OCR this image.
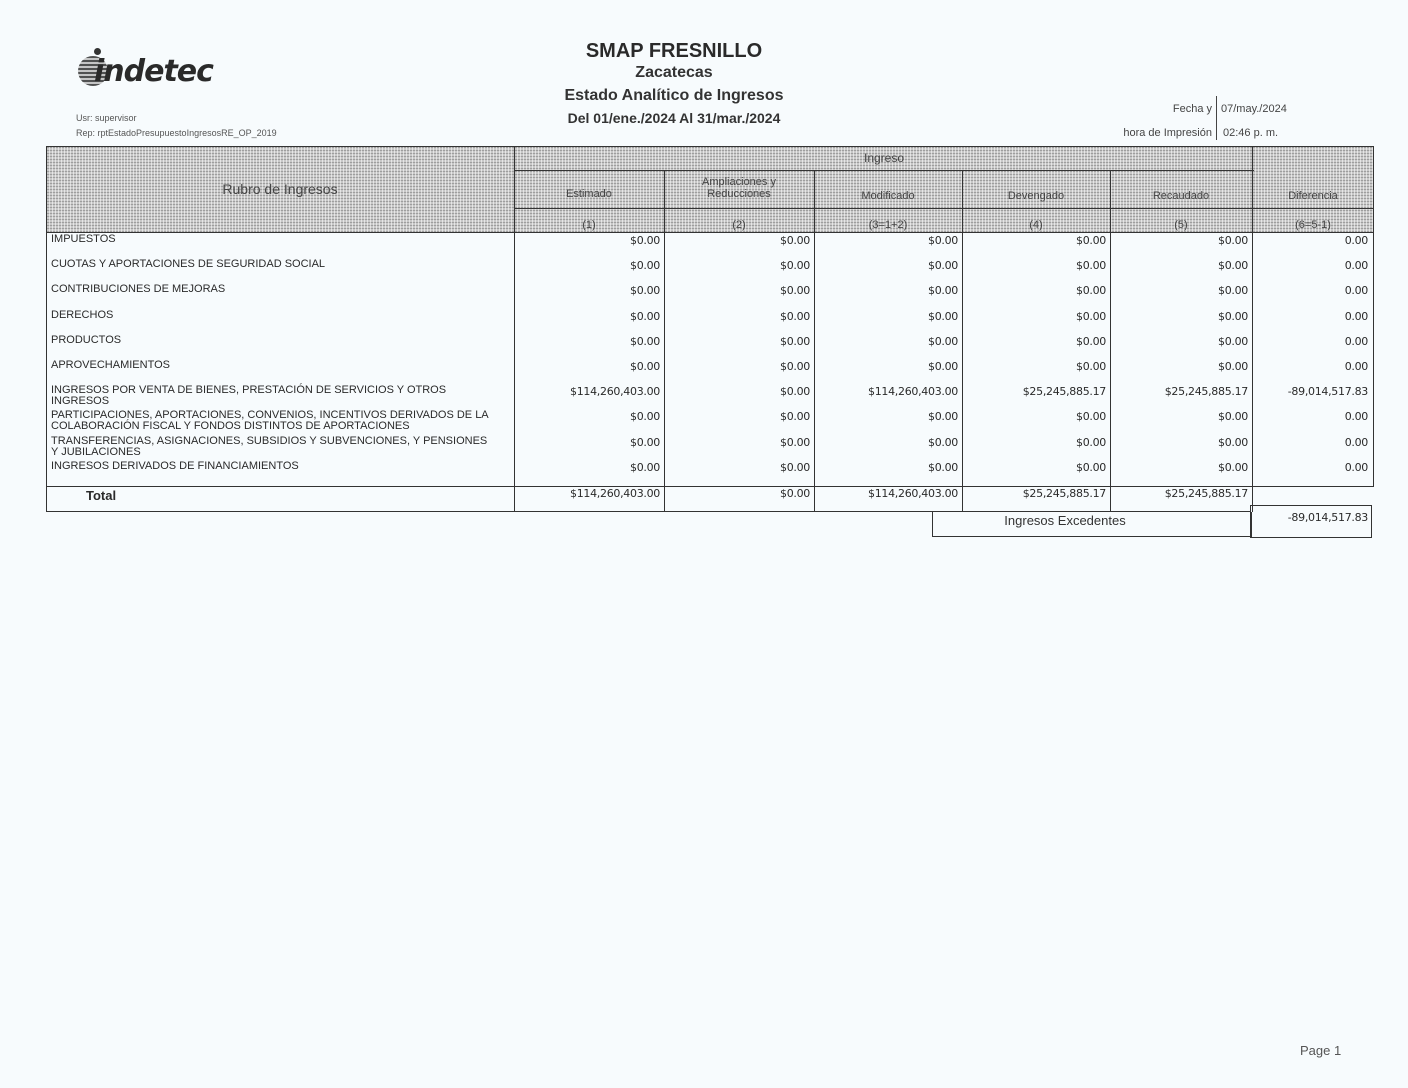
indetec
Usr: supervisor
Rep: rptEstadoPresupuestoIngresosRE_OP_2019
SMAP FRESNILLO
Zacatecas
Estado Analítico de Ingresos
Del 01/ene./2024 Al 31/mar./2024
Fecha y 07/may./2024
hora de Impresión 02:46 p. m.
Rubro de Ingresos
Ingreso
Estimado
Ampliaciones y Reducciones	Modificado	Devengado	Recaudado	Diferencia
(1)	(2)	(3=1+2)	(4)	(5)	(6=5-1)
IMPUESTOS	$0.00	$0.00	$0.00	$0.00	$0.00	0.00
CUOTAS Y APORTACIONES DE SEGURIDAD SOCIAL	$0.00	$0.00	$0.00	$0.00	$0.00	0.00
CONTRIBUCIONES DE MEJORAS	$0.00	$0.00	$0.00	$0.00	$0.00	0.00
DERECHOS	$0.00	$0.00	$0.00	$0.00	$0.00	0.00
PRODUCTOS	$0.00	$0.00	$0.00	$0.00	$0.00	0.00
APROVECHAMIENTOS	$0.00	$0.00	$0.00	$0.00	$0.00	0.00
INGRESOS POR VENTA DE BIENES, PRESTACIÓN DE SERVICIOS Y OTROS INGRESOS
$114,260,403.00	$0.00	$114,260,403.00	$25,245,885.17	$25,245,885.17	-89,014,517.83
PARTICIPACIONES, APORTACIONES, CONVENIOS, INCENTIVOS DERIVADOS DE LA COLABORACIÓN FISCAL Y FONDOS DISTINTOS DE APORTACIONES
$0.00	$0.00	$0.00	$0.00	$0.00	0.00
TRANSFERENCIAS, ASIGNACIONES, SUBSIDIOS Y SUBVENCIONES, Y PENSIONES Y JUBILACIONES
$0.00	$0.00	$0.00	$0.00	$0.00	0.00
INGRESOS DERIVADOS DE FINANCIAMIENTOS	$0.00	$0.00	$0.00	$0.00	$0.00	0.00
Total	$114,260,403.00	$0.00	$114,260,403.00	$25,245,885.17	$25,245,885.17
Ingresos Excedentes	-89,014,517.83
Page 1
